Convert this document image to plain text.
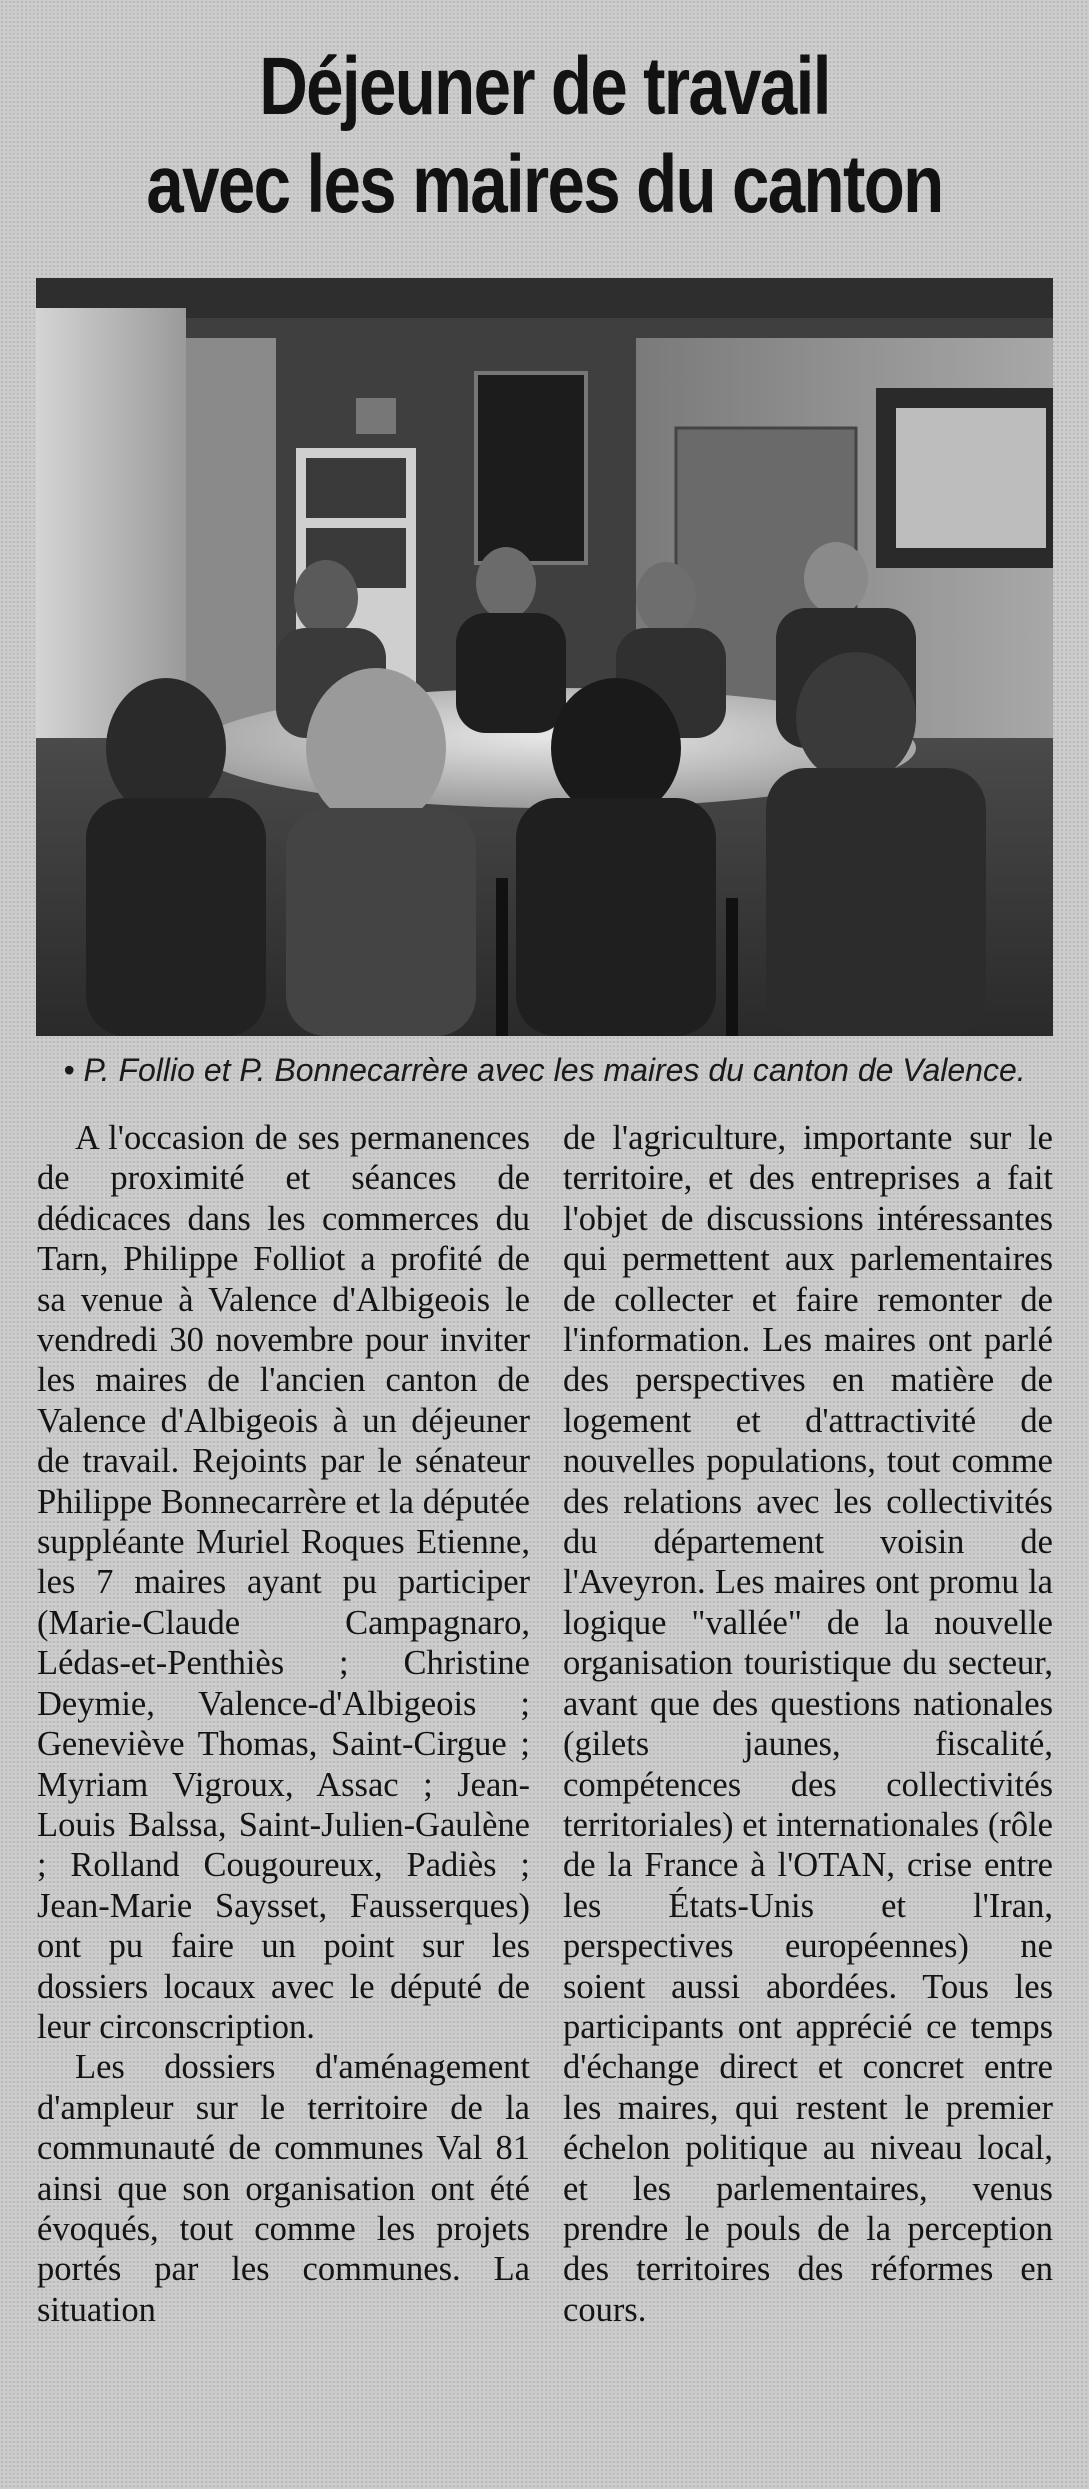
Déjeuner de travail
avec les maires du canton
• P. Follio et P. Bonnecarrère avec les maires du canton de Valence.

A l'occasion de ses permanences de proximité et séances de dédicaces dans les commerces du Tarn, Philippe Folliot a profité de sa venue à Valence d'Albigeois le vendredi 30 novembre pour inviter les maires de l'ancien canton de Valence d'Albigeois à un déjeuner de travail. Rejoints par le sénateur Philippe Bonnecarrère et la députée suppléante Muriel Roques Etienne, les 7 maires ayant pu participer (Marie-Claude Campagnaro, Lédas-et-Penthiès ; Christine Deymie, Valence-d'Albigeois ; Geneviève Thomas, Saint-Cirgue ; Myriam Vigroux, Assac ; Jean-Louis Balssa, Saint-Julien-Gaulène ; Rolland Cougoureux, Padiès ; Jean-Marie Saysset, Fausserques) ont pu faire un point sur les dossiers locaux avec le député de leur circonscription.

Les dossiers d'aménagement d'ampleur sur le territoire de la communauté de communes Val 81 ainsi que son organisation ont été évoqués, tout comme les projets portés par les communes. La situation

de l'agriculture, importante sur le territoire, et des entreprises a fait l'objet de discussions intéressantes qui permettent aux parlementaires de collecter et faire remonter de l'information. Les maires ont parlé des perspectives en matière de logement et d'attractivité de nouvelles populations, tout comme des relations avec les collectivités du département voisin de l'Aveyron. Les maires ont promu la logique "vallée" de la nouvelle organisation touristique du secteur, avant que des questions nationales (gilets jaunes, fiscalité, compétences des collectivités territoriales) et internationales (rôle de la France à l'OTAN, crise entre les États-Unis et l'Iran, perspectives européennes) ne soient aussi abordées. Tous les participants ont apprécié ce temps d'échange direct et concret entre les maires, qui restent le premier échelon politique au niveau local, et les parlementaires, venus prendre le pouls de la perception des territoires des réformes en cours.
